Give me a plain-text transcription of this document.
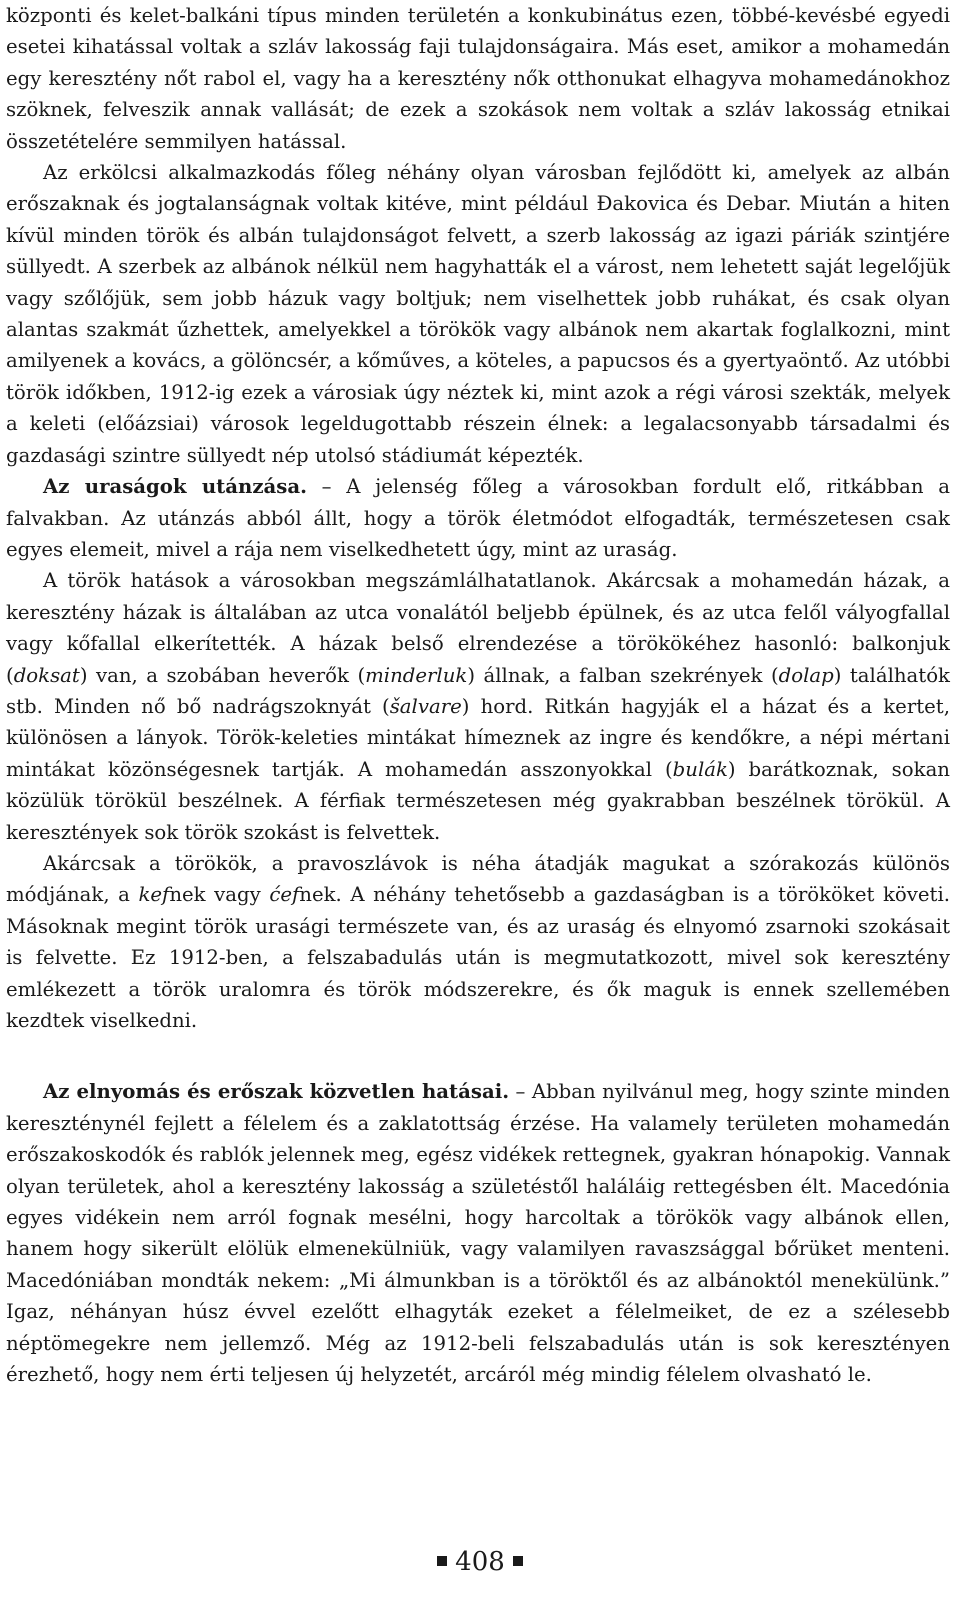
központi és kelet-balkáni típus minden területén a konkubinátus ezen, többé-kevésbé egyedi esetei kihatással voltak a szláv lakosság faji tulajdonságaira. Más eset, amikor a mohamedán egy keresztény nőt rabol el, vagy ha a keresztény nők otthonukat elhagyva mohamedánokhoz szöknek, felveszik annak vallását; de ezek a szokások nem voltak a szláv lakosság etnikai összetételére semmilyen hatással.

Az erkölcsi alkalmazkodás főleg néhány olyan városban fejlődött ki, amelyek az albán erőszaknak és jogtalanságnak voltak kitéve, mint például Đakovica és Debar. Miután a hiten kívül minden török és albán tulajdonságot felvett, a szerb lakosság az igazi páriák szintjére süllyedt. A szerbek az albánok nélkül nem hagyhatták el a várost, nem lehetett saját legelőjük vagy szőlőjük, sem jobb házuk vagy boltjuk; nem viselhettek jobb ruhákat, és csak olyan alantas szakmát űzhettek, amelyekkel a törökök vagy albánok nem akartak foglalkozni, mint amilyenek a kovács, a gölöncsér, a kőműves, a köteles, a papucsos és a gyertyaöntő. Az utóbbi török időkben, 1912-ig ezek a városiak úgy néztek ki, mint azok a régi városi szekták, melyek a keleti (előázsiai) városok legeldugottabb részein élnek: a legalacsonyabb társadalmi és gazdasági szintre süllyedt nép utolsó stádiumát képezték.

Az uraságok utánzása. – A jelenség főleg a városokban fordult elő, ritkábban a falvakban. Az utánzás abból állt, hogy a török életmódot elfogadták, természetesen csak egyes elemeit, mivel a rája nem viselkedhetett úgy, mint az uraság.

A török hatások a városokban megszámlálhatatlanok. Akárcsak a mohamedán házak, a keresztény házak is általában az utca vonalától beljebb épülnek, és az utca felől vályogfallal vagy kőfallal elkerítették. A házak belső elrendezése a törökökéhez hasonló: balkonjuk (doksat) van, a szobában heverők (minderluk) állnak, a falban szekrények (dolap) találhatók stb. Minden nő bő nadrágszoknyát (šalvare) hord. Ritkán hagyják el a házat és a kertet, különösen a lányok. Török-keleties mintákat hímeznek az ingre és kendőkre, a népi mértani mintákat közönségesnek tartják. A mohamedán asszonyokkal (bulák) barátkoznak, sokan közülük törökül beszélnek. A férfiak természetesen még gyakrabban beszélnek törökül. A keresztények sok török szokást is felvettek.

Akárcsak a törökök, a pravoszlávok is néha átadják magukat a szórakozás különös módjának, a kefnek vagy ćefnek. A néhány tehetősebb a gazdaságban is a törököket követi. Másoknak megint török urasági természete van, és az uraság és elnyomó zsarnoki szokásait is felvette. Ez 1912-ben, a felszabadulás után is megmutatkozott, mivel sok keresztény emlékezett a török uralomra és török módszerekre, és ők maguk is ennek szellemében kezdtek viselkedni.

Az elnyomás és erőszak közvetlen hatásai. – Abban nyilvánul meg, hogy szinte minden kereszténynél fejlett a félelem és a zaklatottság érzése. Ha valamely területen mohamedán erőszakoskodók és rablók jelennek meg, egész vidékek rettegnek, gyakran hónapokig. Vannak olyan területek, ahol a keresztény lakosság a születéstől haláláig rettegésben élt. Macedónia egyes vidékein nem arról fognak mesélni, hogy harcoltak a törökök vagy albánok ellen, hanem hogy sikerült elölük elmenekülniük, vagy valamilyen ravaszsággal bőrüket menteni. Macedóniában mondták nekem: „Mi álmunkban is a töröktől és az albánoktól menekülünk.” Igaz, néhányan húsz évvel ezelőtt elhagyták ezeket a félelmeiket, de ez a szélesebb néptömegekre nem jellemző. Még az 1912-beli felszabadulás után is sok keresztényen érezhető, hogy nem érti teljesen új helyzetét, arcáról még mindig félelem olvasható le.

408
